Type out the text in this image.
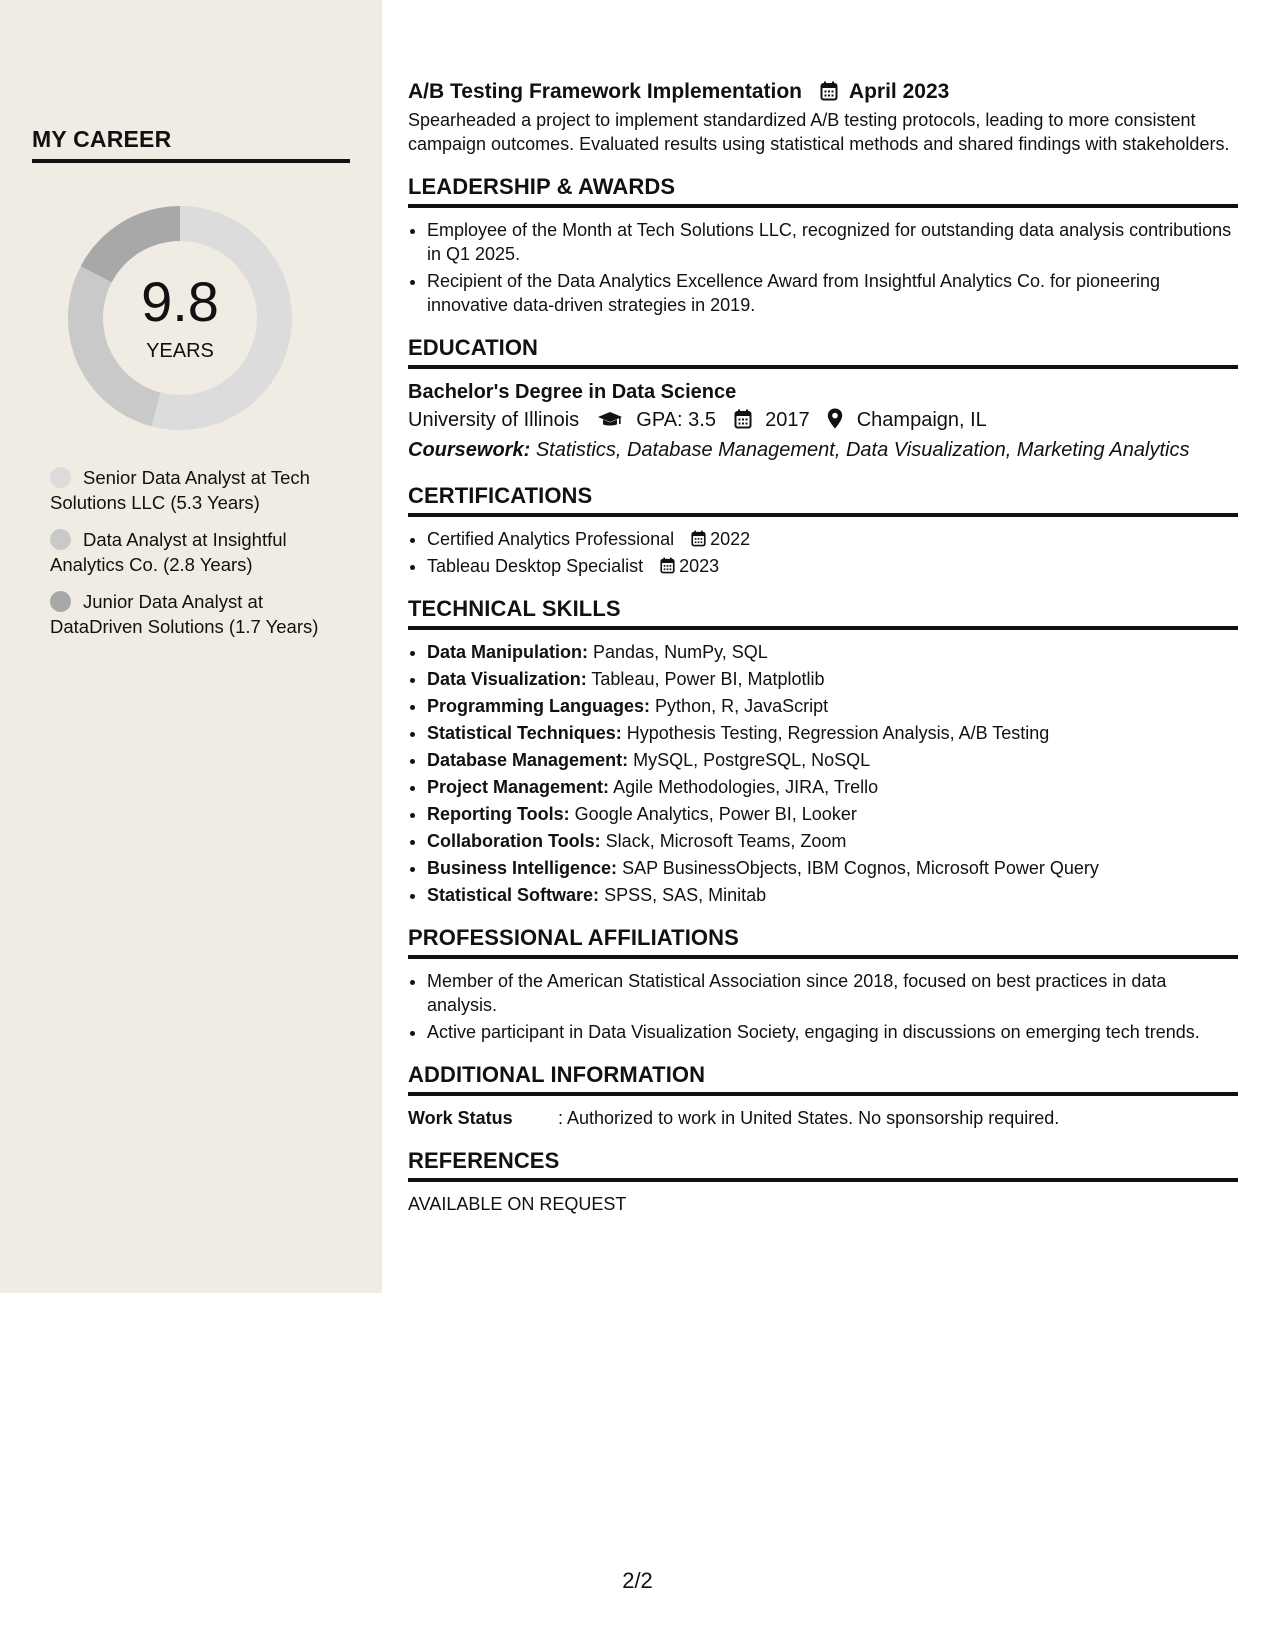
MY CAREER
9.8
YEARS
Senior Data Analyst at Tech Solutions LLC (5.3 Years)
Data Analyst at Insightful Analytics Co. (2.8 Years)
Junior Data Analyst at DataDriven Solutions (1.7 Years)
A/B Testing Framework Implementation April 2023
Spearheaded a project to implement standardized A/B testing protocols, leading to more consistent campaign outcomes. Evaluated results using statistical methods and shared findings with stakeholders.
LEADERSHIP & AWARDS
• Employee of the Month at Tech Solutions LLC, recognized for outstanding data analysis contributions in Q1 2025.
• Recipient of the Data Analytics Excellence Award from Insightful Analytics Co. for pioneering innovative data-driven strategies in 2019.
EDUCATION
Bachelor's Degree in Data Science
University of Illinois	GPA: 3.5 2017 Champaign, IL
Coursework: Statistics, Database Management, Data Visualization, Marketing Analytics
CERTIFICATIONS
• Certified Analytics Professional 2022
• Tableau Desktop Specialist 2023
TECHNICAL SKILLS
• Data Manipulation: Pandas, NumPy, SQL
• Data Visualization: Tableau, Power BI, Matplotlib
• Programming Languages: Python, R, JavaScript
• Statistical Techniques: Hypothesis Testing, Regression Analysis, A/B Testing
• Database Management: MySQL, PostgreSQL, NoSQL
• Project Management: Agile Methodologies, JIRA, Trello
• Reporting Tools: Google Analytics, Power BI, Looker
• Collaboration Tools: Slack, Microsoft Teams, Zoom
• Business Intelligence: SAP BusinessObjects, IBM Cognos, Microsoft Power Query
• Statistical Software: SPSS, SAS, Minitab
PROFESSIONAL AFFILIATIONS
• Member of the American Statistical Association since 2018, focused on best practices in data analysis.
• Active participant in Data Visualization Society, engaging in discussions on emerging tech trends.
ADDITIONAL INFORMATION
Work Status	: Authorized to work in United States. No sponsorship required.
REFERENCES
AVAILABLE ON REQUEST
2/2
